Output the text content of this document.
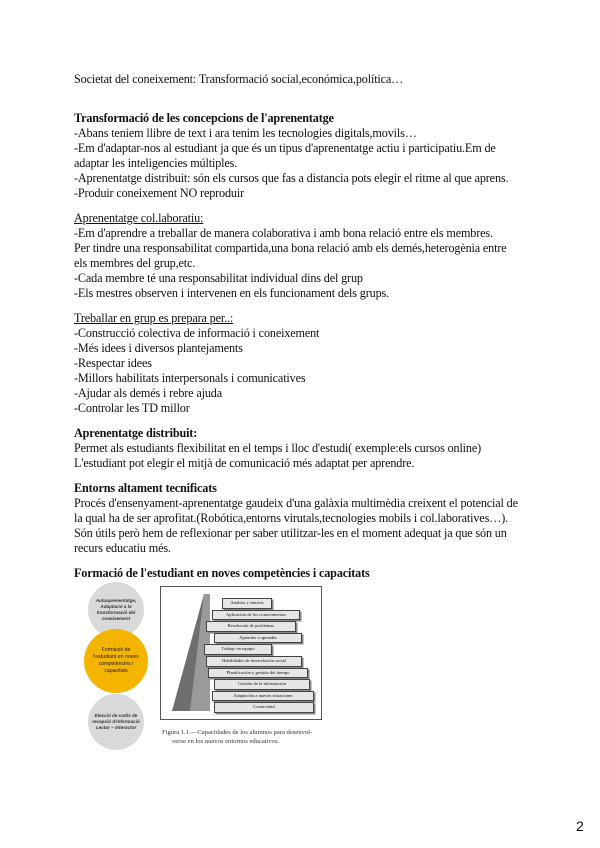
Societat del coneixement: Transformació social,económica,política…
Transformació de les concepcions de l'aprenentatge
-Abans teniem llibre de text i ara tenim les tecnologies digitals,movils…
-Em d'adaptar-nos al estudiant ja que és un tipus d'aprenentatge actiu i participatiu.Em de
adaptar les inteligencies múltiples.
-Aprenentatge distribuit: són els cursos que fas a distancia pots elegir el ritme al que aprens.
-Produir coneixement NO reproduir
Aprenentatge col.laboratiu:
-Em d'aprendre a treballar de manera colaborativa i amb bona relació entre els membres.
Per tindre una responsabilitat compartida,una bona relació amb els demés,heterogènia entre
els membres del grup,etc.
-Cada membre té una responsabilitat individual dins del grup
-Els mestres observen i intervenen en els funcionament dels grups.
Treballar en grup es prepara per..:
-Construcció colectiva de informació i coneixement
-Més idees i diversos plantejaments
-Respectar idees
-Millors habilitats interpersonals i comunicatives
-Ajudar als demés i rebre ajuda
-Controlar les TD millor
Aprenentatge distribuit:
Permet als estudiants flexibilitat en el temps i lloc d'estudi( exemple:els cursos online)
L'estudiant pot elegir el mitjà de comunicació més adaptat per aprendre.
Entorns altament tecnificats
Procés d'ensenyament-aprenentatge gaudeix d'una galàxia multimèdia creixent el potencial de
la qual ha de ser aprofitat.(Robótica,entorns virutals,tecnologies mobils i col.laboratives…).
Són útils però hem de reflexionar per saber utilitzar-les en el moment adequat ja que són un
recurs educatiu més.
Formació de l'estudiant en noves competències i capacitats
Autoaprenentatge, Adaptació a la transformació del coneixement
Formació de l'estudiant en noves competències i capacitats
Elecció de codis de recepció d'informació Lector – Interactor
Análisis y síntesis
Aplicación de los conocimientos
Resolución de problemas
Aprender a aprender
Trabajo en equipo
Habilidades de interrelación social
Planificación y gestión del tiempo
Gestión de la información
Adaptación a nuevas situaciones
Creatividad
Figura 1.1.—Capacidades de los alumnos para desenvol-
verse en los nuevos entornos educativos.
2
